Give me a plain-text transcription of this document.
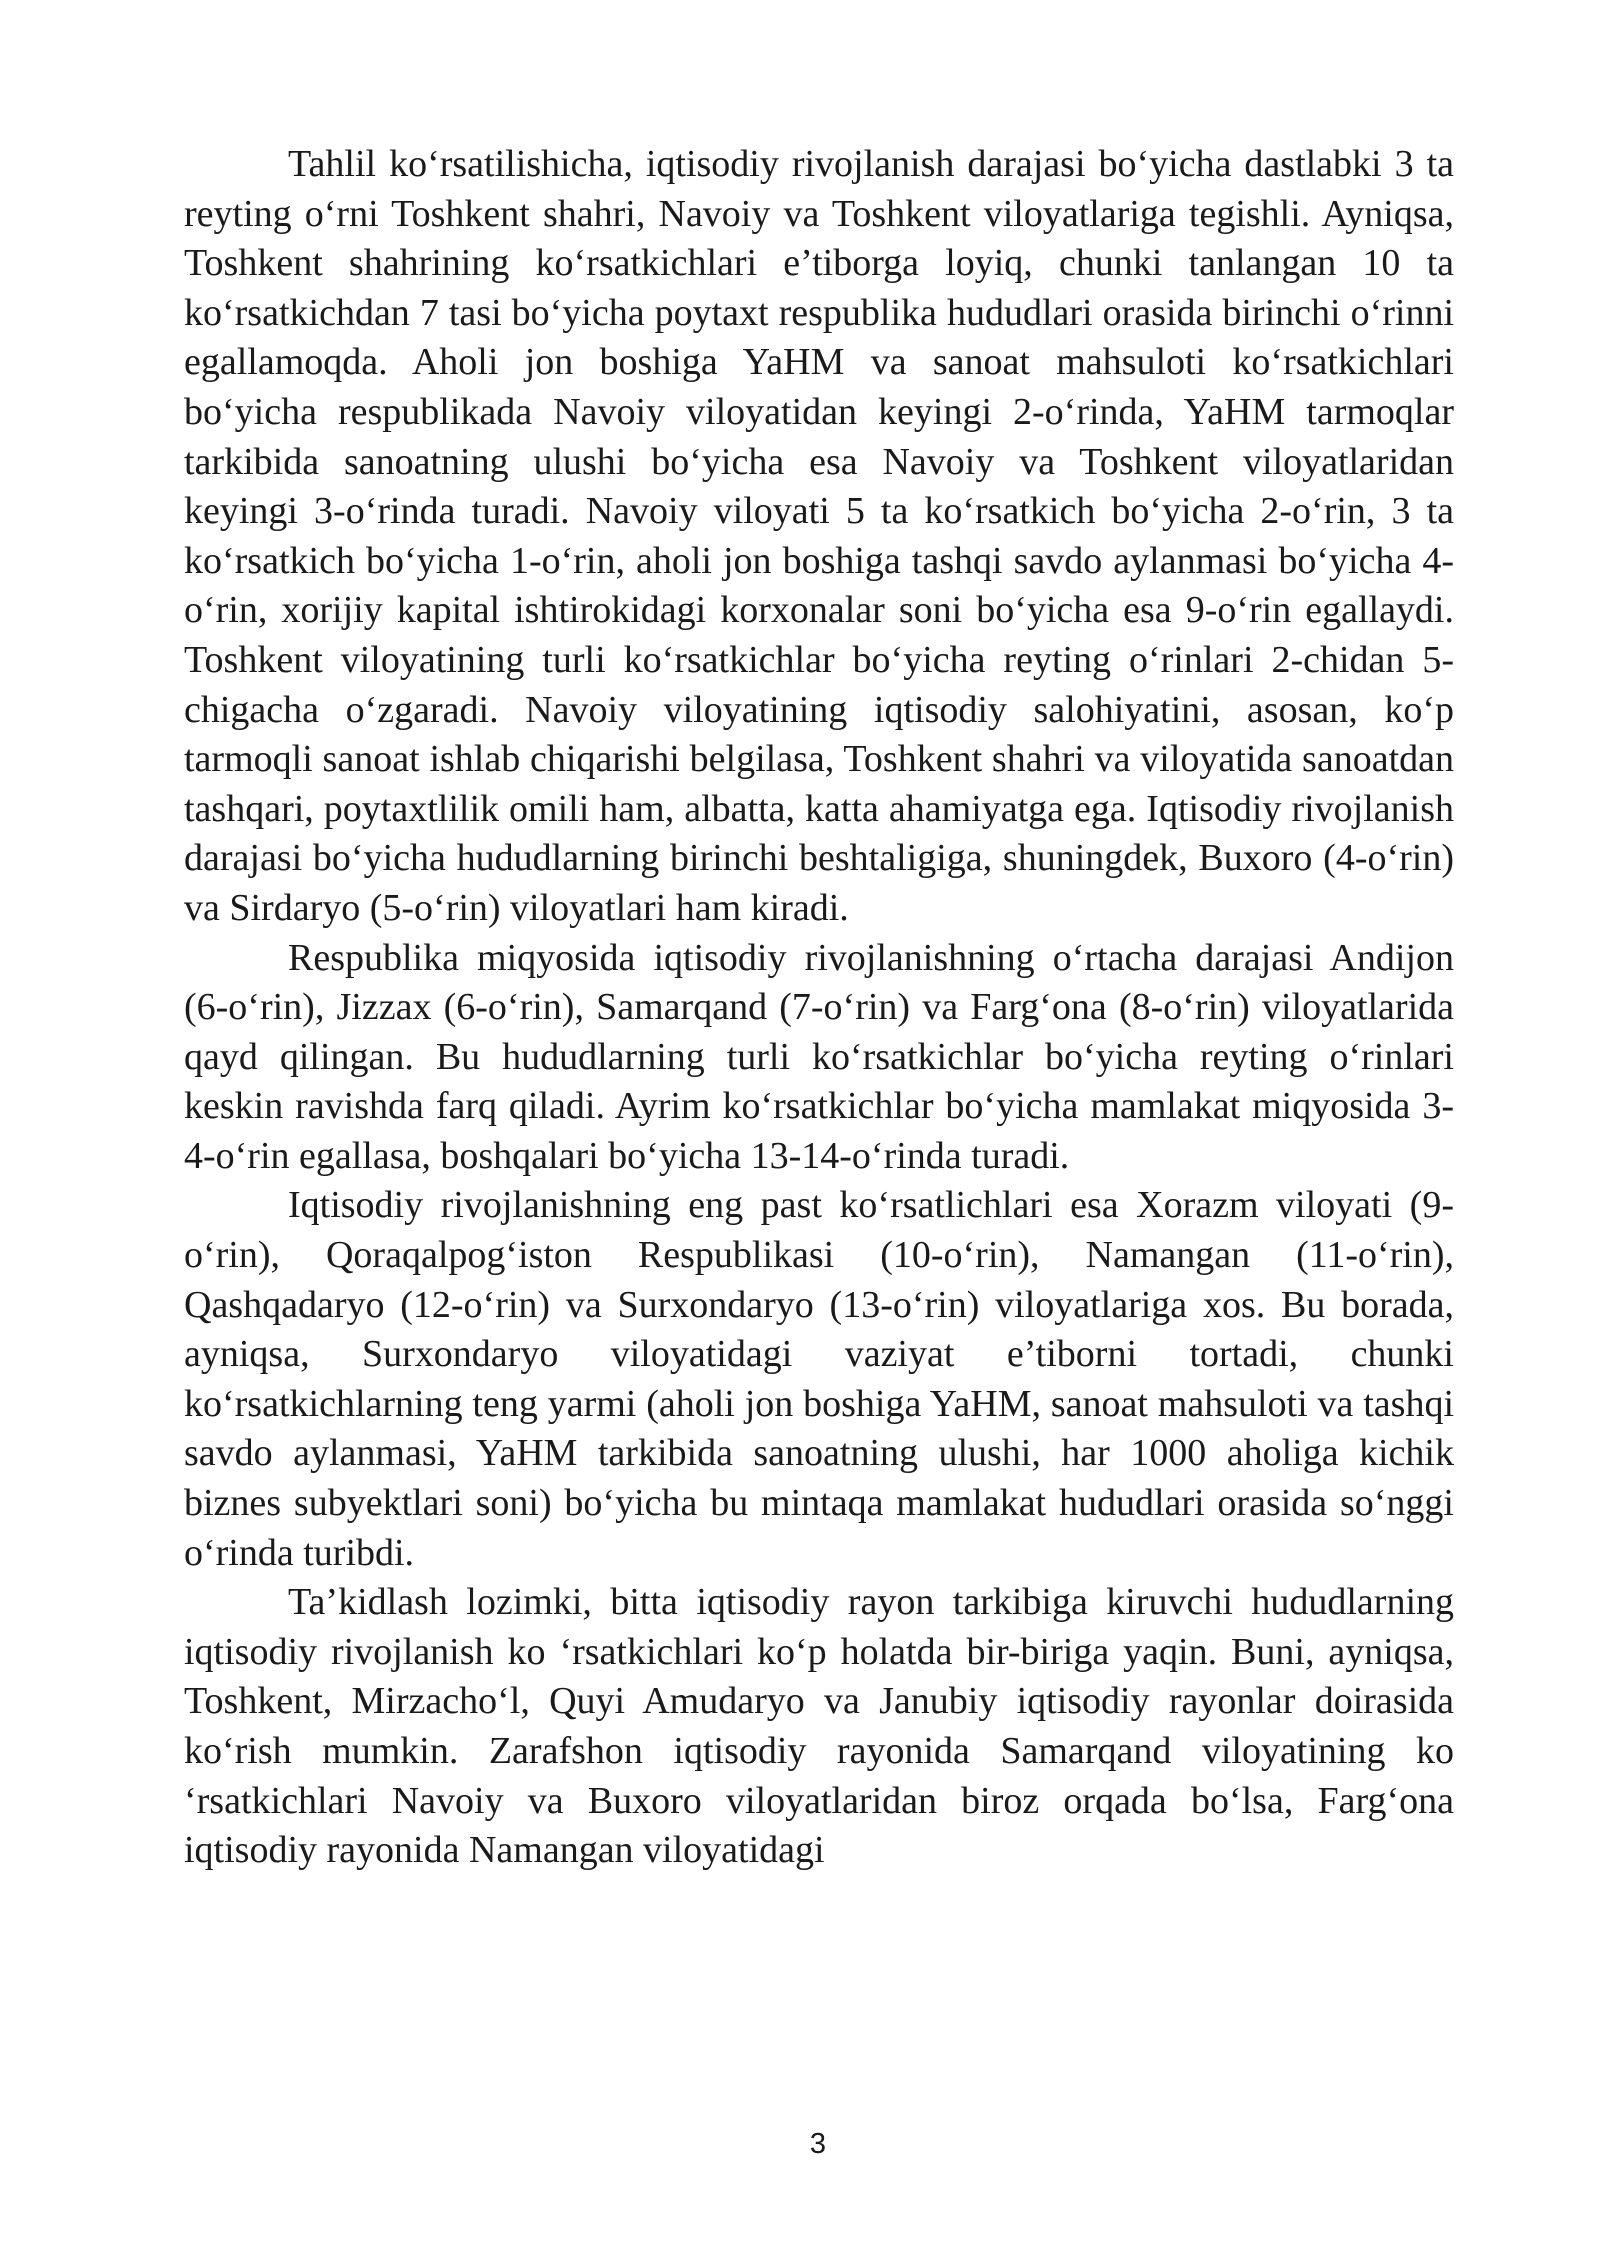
Tahlil ko‘rsatilishicha, iqtisodiy rivojlanish darajasi bo‘yicha dastlabki 3 ta reyting o‘rni Toshkent shahri, Navoiy va Toshkent viloyatlariga tegishli. Ayniqsa, Toshkent shahrining ko‘rsatkichlari e’tiborga loyiq, chunki tanlangan 10 ta ko‘rsatkichdan 7 tasi bo‘yicha poytaxt respublika hududlari orasida birinchi o‘rinni egallamoqda. Aholi jon boshiga YaHM va sanoat mahsuloti ko‘rsatkichlari bo‘yicha respublikada Navoiy viloyatidan keyingi 2-o‘rinda, YaHM tarmoqlar tarkibida sanoatning ulushi bo‘yicha esa Navoiy va Toshkent viloyatlaridan keyingi 3-o‘rinda turadi. Navoiy viloyati 5 ta ko‘rsatkich bo‘yicha 2-o‘rin, 3 ta ko‘rsatkich bo‘yicha 1-o‘rin, aholi jon boshiga tashqi savdo aylanmasi bo‘yicha 4-o‘rin, xorijiy kapital ishtirokidagi korxonalar soni bo‘yicha esa 9-o‘rin egallaydi. Toshkent viloyatining turli ko‘rsatkichlar bo‘yicha reyting o‘rinlari 2-chidan 5-chigacha o‘zgaradi. Navoiy viloyatining iqtisodiy salohiyatini, asosan, ko‘p tarmoqli sanoat ishlab chiqarishi belgilasa, Toshkent shahri va viloyatida sanoatdan tashqari, poytaxtlilik omili ham, albatta, katta ahamiyatga ega. Iqtisodiy rivojlanish darajasi bo‘yicha hududlarning birinchi beshtaligiga, shuningdek, Buxoro (4-o‘rin) va Sirdaryo (5-o‘rin) viloyatlari ham kiradi.

Respublika miqyosida iqtisodiy rivojlanishning o‘rtacha darajasi Andijon (6-o‘rin), Jizzax (6-o‘rin), Samarqand (7-o‘rin) va Farg‘ona (8-o‘rin) viloyatlarida qayd qilingan. Bu hududlarning turli ko‘rsatkichlar bo‘yicha reyting o‘rinlari keskin ravishda farq qiladi. Ayrim ko‘rsatkichlar bo‘yicha mamlakat miqyosida 3-4-o‘rin egallasa, boshqalari bo‘yicha 13-14-o‘rinda turadi.

Iqtisodiy rivojlanishning eng past ko‘rsatlichlari esa Xorazm viloyati (9-o‘rin), Qoraqalpog‘iston Respublikasi (10-o‘rin), Namangan (11-o‘rin), Qashqadaryo (12-o‘rin) va Surxondaryo (13-o‘rin) viloyatlariga xos. Bu borada, ayniqsa, Surxondaryo viloyatidagi vaziyat e’tiborni tortadi, chunki ko‘rsatkichlarning teng yarmi (aholi jon boshiga YaHM, sanoat mahsuloti va tashqi savdo aylanmasi, YaHM tarkibida sanoatning ulushi, har 1000 aholiga kichik biznes subyektlari soni) bo‘yicha bu mintaqa mamlakat hududlari orasida so‘nggi o‘rinda turibdi.

Ta’kidlash lozimki, bitta iqtisodiy rayon tarkibiga kiruvchi hududlarning iqtisodiy rivojlanish ko ‘rsatkichlari ko‘p holatda bir-biriga yaqin. Buni, ayniqsa, Toshkent, Mirzacho‘l, Quyi Amudaryo va Janubiy iqtisodiy rayonlar doirasida ko‘rish mumkin. Zarafshon iqtisodiy rayonida Samarqand viloyatining ko ‘rsatkichlari Navoiy va Buxoro viloyatlaridan biroz orqada bo‘lsa, Farg‘ona iqtisodiy rayonida Namangan viloyatidagi

3
